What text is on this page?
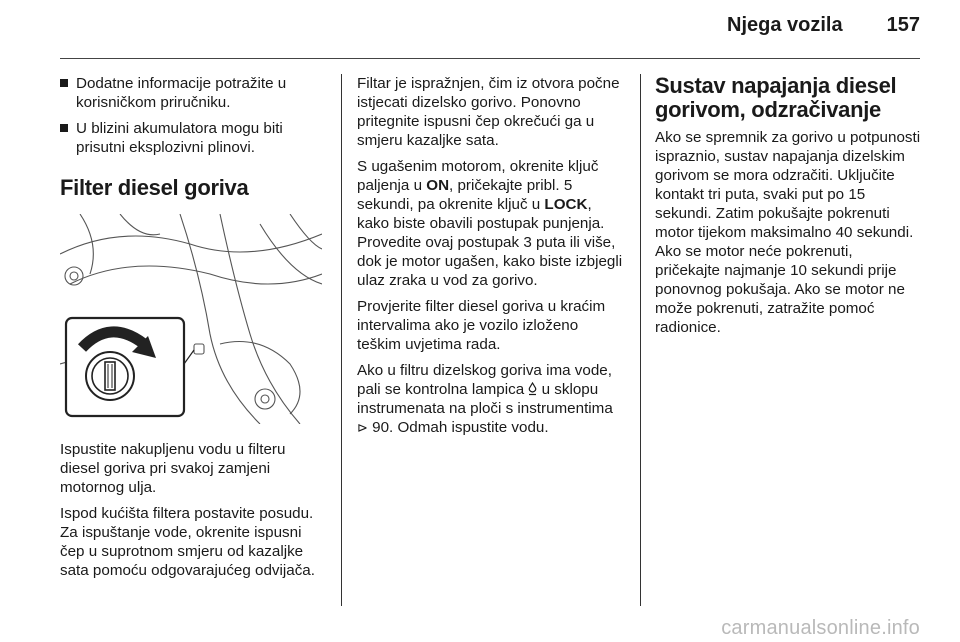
Njega vozila 157
Dodatne informacije potražite u korisničkom priručniku.
U blizini akumulatora mogu biti prisutni eksplozivni plinovi.
Filter diesel goriva

Ispustite nakupljenu vodu u filteru diesel goriva pri svakoj zamjeni motornog ulja.

Ispod kućišta filtera postavite posudu. Za ispuštanje vode, okrenite ispusni čep u suprotnom smjeru od kazaljke sata pomoću odgovarajućeg odvijača.

Filtar je ispražnjen, čim iz otvora počne istjecati dizelsko gorivo. Ponovno pritegnite ispusni čep okrečući ga u smjeru kazaljke sata.

S ugašenim motorom, okrenite ključ paljenja u ON, pričekajte pribl. 5 sekundi, pa okrenite ključ u LOCK, kako biste obavili postupak punjenja. Provedite ovaj postupak 3 puta ili više, dok je motor ugašen, kako biste izbjegli ulaz zraka u vod za gorivo.

Provjerite filter diesel goriva u kraćim intervalima ako je vozilo izloženo teškim uvjetima rada.

Ako u filtru dizelskog goriva ima vode, pali se kontrolna lampica  u sklopu instrumenata na ploči s instrumentima ⊳ 90. Odmah ispustite vodu.

Sustav napajanja diesel gorivom, odzračivanje

Ako se spremnik za gorivo u potpunosti ispraznio, sustav napajanja dizelskim gorivom se mora odzračiti. Uključite kontakt tri puta, svaki put po 15 sekundi. Zatim pokušajte pokrenuti motor tijekom maksimalno 40 sekundi. Ako se motor neće pokrenuti, pričekajte najmanje 10 sekundi prije ponovnog pokušaja. Ako se motor ne može pokrenuti, zatražite pomoć radionice.

carmanualsonline.info
